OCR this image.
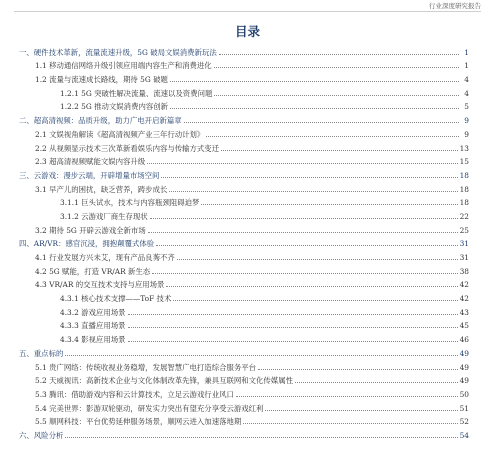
行业深度研究报告
目录
一、硬件技术革新，流量流速升级，5G 破局文娱消费新玩法	1
1.1 移动通信网络升级引领应用端内容生产和消费进化	1
1.2 流量与流速成长路线，期待 5G 破题	4
1.2.1 5G 突破性解决流量、流速以及资费问题	4
1.2.2 5G 推动文娱消费内容创新	5
二、超高清视频：品质升级，助力广电开启新篇章	9
2.1 文娱视角解读《超高清视频产业三年行动计划》	9
2.2 从视频显示技术三次革新看娱乐内容与传输方式变迁	13
2.3 超高清视频赋能文娱内容升级	15
三、云游戏：漫步云端，开辟增量市场空间	18
3.1 早产儿的困扰，缺乏营养，踌步成长	18
3.1.1 巨头试水，技术与内容瓶颈阻碍迫梦	18
3.1.2 云游戏厂商生存现状	22
3.2 期待 5G 开辟云游戏全新市场	25
四、AR/VR：感官沉浸，拥抱颠覆式体验	31
4.1 行业发展方兴未艾，现有产品良莠不齐	31
4.2 5G 赋能，打造 VR/AR 新生态	38
4.3 VR/AR 的交互技术支持与应用场景	42
4.3.1 核心技术支撑——ToF 技术	42
4.3.2 游戏应用场景	43
4.3.3 直播应用场景	45
4.3.4 影视应用场景	46
五、重点标的	49
5.1 贵广网络：传统收视业务稳增，发展智慧广电打造综合服务平台	49
5.2 天威视讯：高新技术企业与文化体制改革先锋，兼具互联网和文化传媒属性	49
5.3 腾讯：借助游戏内容和云计算技术，立足云游戏行业风口	50
5.4 完美世界：影游双轮驱动，研发实力突出有望充分享受云游戏红利	51
5.5 顺网科技：平台优势延伸服务场景，顺网云进入加速落地期	52
六、风险分析	54
